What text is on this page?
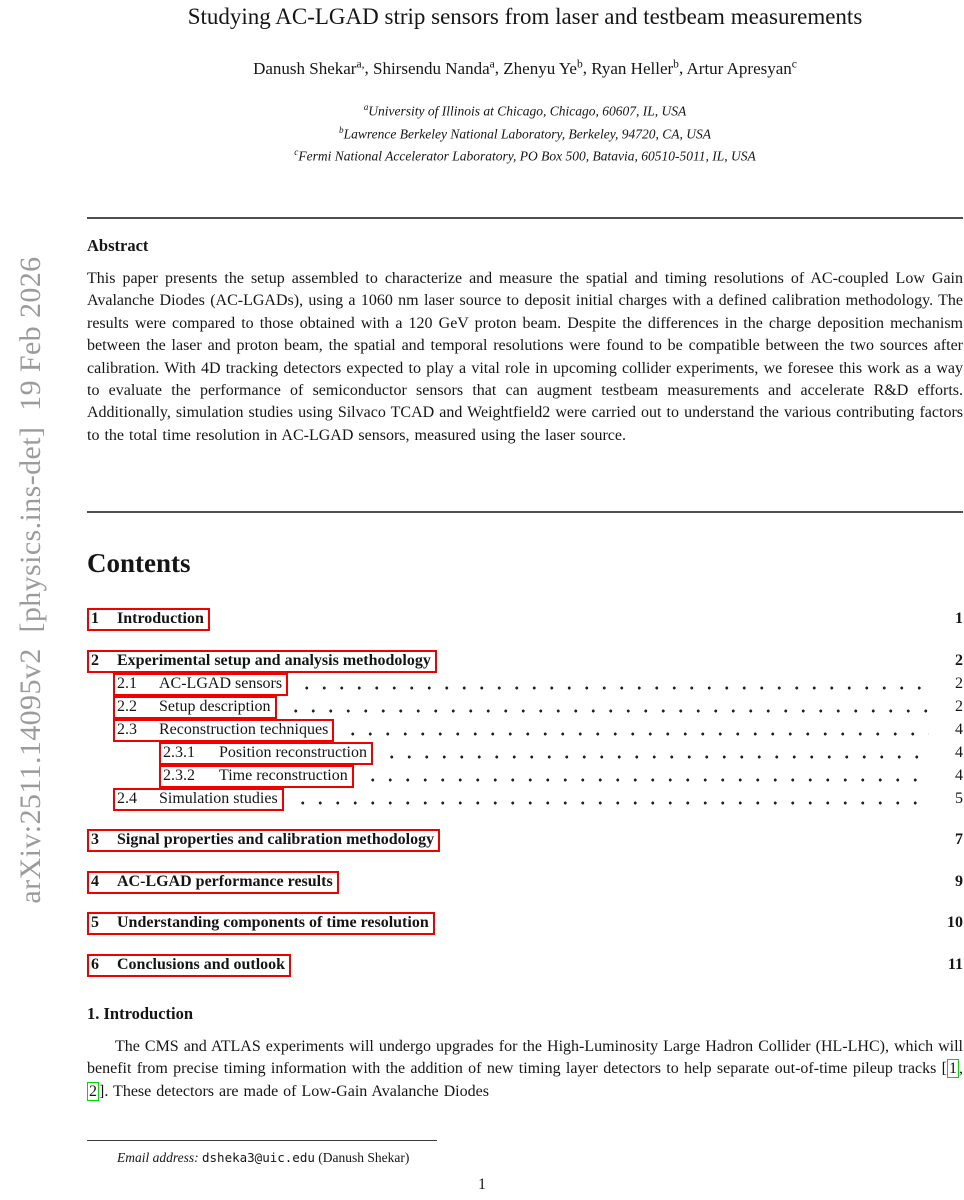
arXiv:2511.14095v2  [physics.ins-det]  19 Feb 2026
Studying AC-LGAD strip sensors from laser and testbeam measurements
Danush Shekar$^{a,}$, Shirsendu Nanda$^a$, Zhenyu Ye$^b$, Ryan Heller$^b$, Artur Apresyan$^c$
$^a$University of Illinois at Chicago, Chicago, 60607, IL, USA
$^b$Lawrence Berkeley National Laboratory, Berkeley, 94720, CA, USA
$^c$Fermi National Accelerator Laboratory, PO Box 500, Batavia, 60510-5011, IL, USA
Abstract
This paper presents the setup assembled to characterize and measure the spatial and timing resolutions of AC-coupled Low Gain Avalanche Diodes (AC-LGADs), using a 1060 nm laser source to deposit initial charges with a defined calibration methodology. The results were compared to those obtained with a 120 GeV proton beam. Despite the differences in the charge deposition mechanism between the laser and proton beam, the spatial and temporal resolutions were found to be compatible between the two sources after calibration. With 4D tracking detectors expected to play a vital role in upcoming collider experiments, we foresee this work as a way to evaluate the performance of semiconductor sensors that can augment testbeam measurements and accelerate R&D efforts. Additionally, simulation studies using Silvaco TCAD and Weightfield2 were carried out to understand the various contributing factors to the total time resolution in AC-LGAD sensors, measured using the laser source.
Contents
1	Introduction	1
2	Experimental setup and analysis methodology	2
2.1	AC-LGAD sensors	2
2.2	Setup description	2
2.3	Reconstruction techniques	4
2.3.1	Position reconstruction	4
2.3.2	Time reconstruction	4
2.4	Simulation studies	5
3	Signal properties and calibration methodology	7
4	AC-LGAD performance results	9
5	Understanding components of time resolution	10
6	Conclusions and outlook	11
1. Introduction

The CMS and ATLAS experiments will undergo upgrades for the High-Luminosity Large Hadron Collider (HL-LHC), which will benefit from precise timing information with the addition of new timing layer detectors to help separate out-of-time pileup tracks [ 1 , 2 ]. These detectors are made of Low-Gain Avalanche Diodes

Email address: dsheka3@uic.edu (Danush Shekar)
1
